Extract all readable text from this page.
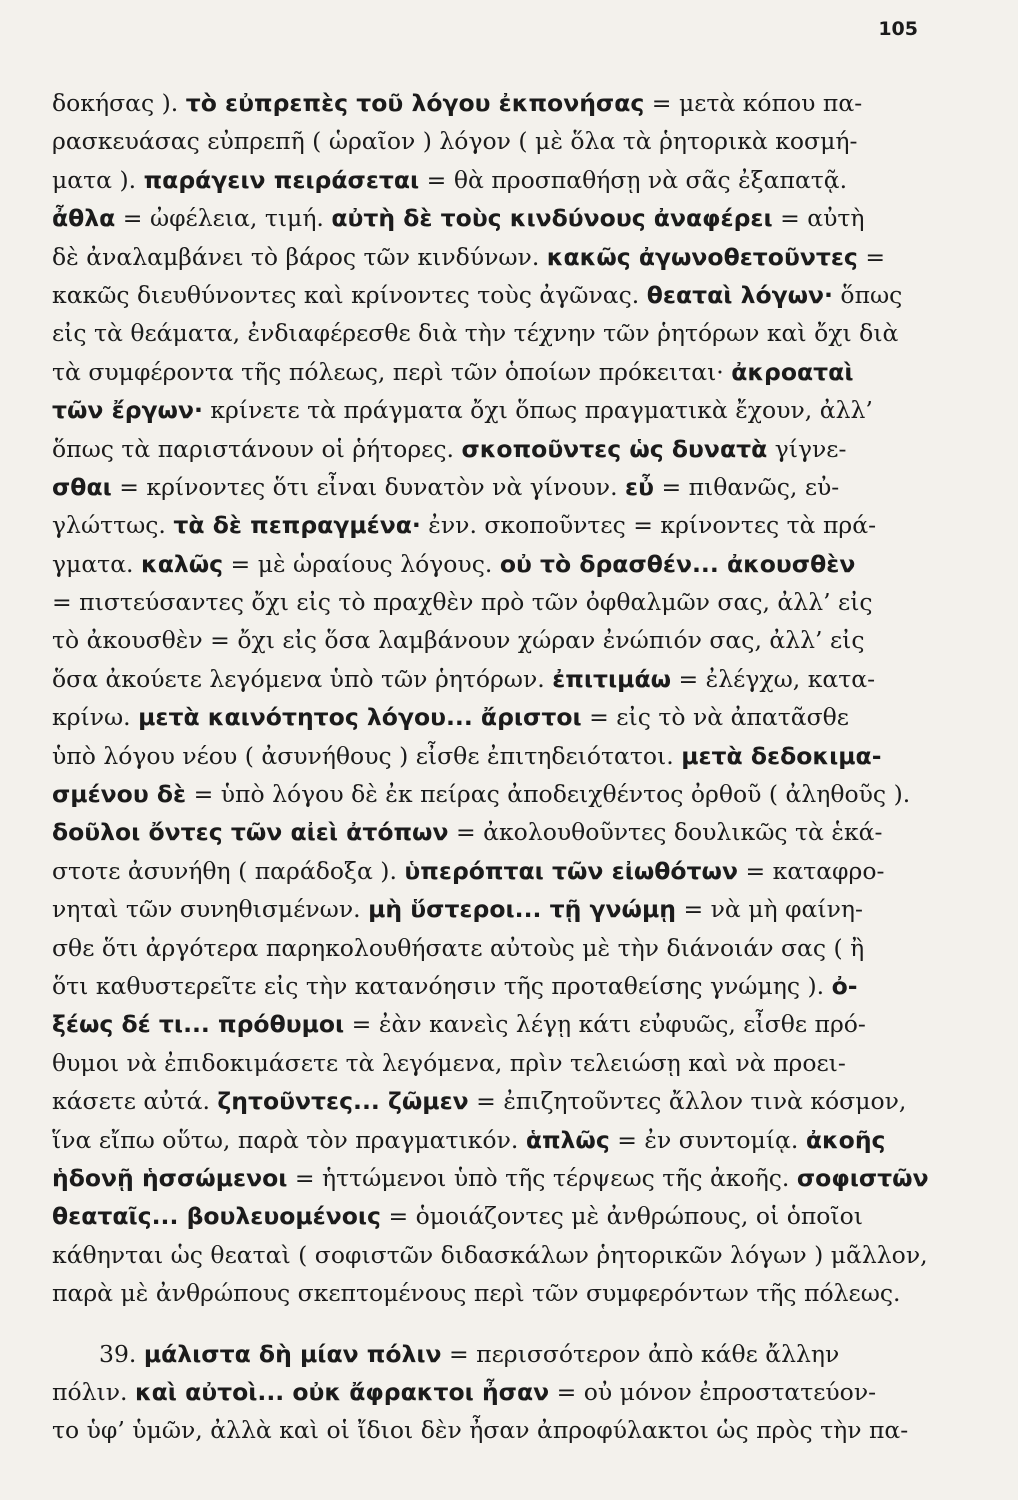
105
δοκήσας ). τὸ εὐπρεπὲς τοῦ λόγου ἐκπονήσας = μετὰ κόπου πα-
ρασκευάσας εὐπρεπῆ ( ὡραῖον ) λόγον ( μὲ ὅλα τὰ ῥητορικὰ κοσμή-
ματα ). παράγειν πειράσεται = θὰ προσπαθήσῃ νὰ σᾶς ἐξαπατᾷ.
ἆθλα = ὠφέλεια, τιμή. αὐτὴ δὲ τοὺς κινδύνους ἀναφέρει = αὐτὴ
δὲ ἀναλαμβάνει τὸ βάρος τῶν κινδύνων. κακῶς ἀγωνοθετοῦντες =
κακῶς διευθύνοντες καὶ κρίνοντες τοὺς ἀγῶνας. θεαταὶ λόγων· ὅπως
εἰς τὰ θεάματα, ἐνδιαφέρεσθε διὰ τὴν τέχνην τῶν ῥητόρων καὶ ὄχι διὰ
τὰ συμφέροντα τῆς πόλεως, περὶ τῶν ὁποίων πρόκειται· ἀκροαταὶ
τῶν ἔργων· κρίνετε τὰ πράγματα ὄχι ὅπως πραγματικὰ ἔχουν, ἀλλ’
ὅπως τὰ παριστάνουν οἱ ῥήτορες. σκοποῦντες ὡς δυνατὰ γίγνε-
σθαι = κρίνοντες ὅτι εἶναι δυνατὸν νὰ γίνουν. εὖ = πιθανῶς, εὐ-
γλώττως. τὰ δὲ πεπραγμένα· ἐνν. σκοποῦντες = κρίνοντες τὰ πρά-
γματα. καλῶς = μὲ ὡραίους λόγους. οὐ τὸ δρασθέν... ἀκουσθὲν
= πιστεύσαντες ὄχι εἰς τὸ πραχθὲν πρὸ τῶν ὀφθαλμῶν σας, ἀλλ’ εἰς
τὸ ἀκουσθὲν = ὄχι εἰς ὅσα λαμβάνουν χώραν ἐνώπιόν σας, ἀλλ’ εἰς
ὅσα ἀκούετε λεγόμενα ὑπὸ τῶν ῥητόρων. ἐπιτιμάω = ἐλέγχω, κατα-
κρίνω. μετὰ καινότητος λόγου... ἄριστοι = εἰς τὸ νὰ ἀπατᾶσθε
ὑπὸ λόγου νέου ( ἀσυνήθους ) εἶσθε ἐπιτηδειότατοι. μετὰ δεδοκιμα-
σμένου δὲ = ὑπὸ λόγου δὲ ἐκ πείρας ἀποδειχθέντος ὀρθοῦ ( ἀληθοῦς ).
δοῦλοι ὄντες τῶν αἰεὶ ἀτόπων = ἀκολουθοῦντες δουλικῶς τὰ ἑκά-
στοτε ἀσυνήθη ( παράδοξα ). ὑπερόπται τῶν εἰωθότων = καταφρο-
νηταὶ τῶν συνηθισμένων. μὴ ὕστεροι... τῇ γνώμῃ = νὰ μὴ φαίνη-
σθε ὅτι ἀργότερα παρηκολουθήσατε αὐτοὺς μὲ τὴν διάνοιάν σας ( ἢ
ὅτι καθυστερεῖτε εἰς τὴν κατανόησιν τῆς προταθείσης γνώμης ). ὀ-
ξέως δέ τι... πρόθυμοι = ἐὰν κανεὶς λέγῃ κάτι εὐφυῶς, εἶσθε πρό-
θυμοι νὰ ἐπιδοκιμάσετε τὰ λεγόμενα, πρὶν τελειώσῃ καὶ νὰ προει-
κάσετε αὐτά. ζητοῦντες... ζῶμεν = ἐπιζητοῦντες ἄλλον τινὰ κόσμον,
ἵνα εἴπω οὕτω, παρὰ τὸν πραγματικόν. ἁπλῶς = ἐν συντομίᾳ. ἀκοῆς
ἡδονῇ ἡσσώμενοι = ἡττώμενοι ὑπὸ τῆς τέρψεως τῆς ἀκοῆς. σοφιστῶν
θεαταῖς... βουλευομένοις = ὁμοιάζοντες μὲ ἀνθρώπους, οἱ ὁποῖοι
κάθηνται ὡς θεαταὶ ( σοφιστῶν διδασκάλων ῥητορικῶν λόγων ) μᾶλλον,
παρὰ μὲ ἀνθρώπους σκεπτομένους περὶ τῶν συμφερόντων τῆς πόλεως.
  39. μάλιστα δὴ μίαν πόλιν = περισσότερον ἀπὸ κάθε ἄλλην
πόλιν. καὶ αὐτοὶ... οὐκ ἄφρακτοι ἦσαν = οὐ μόνον ἐπροστατεύον-
το ὑφ’ ὑμῶν, ἀλλὰ καὶ οἱ ἴδιοι δὲν ἦσαν ἀπροφύλακτοι ὡς πρὸς τὴν πα-
